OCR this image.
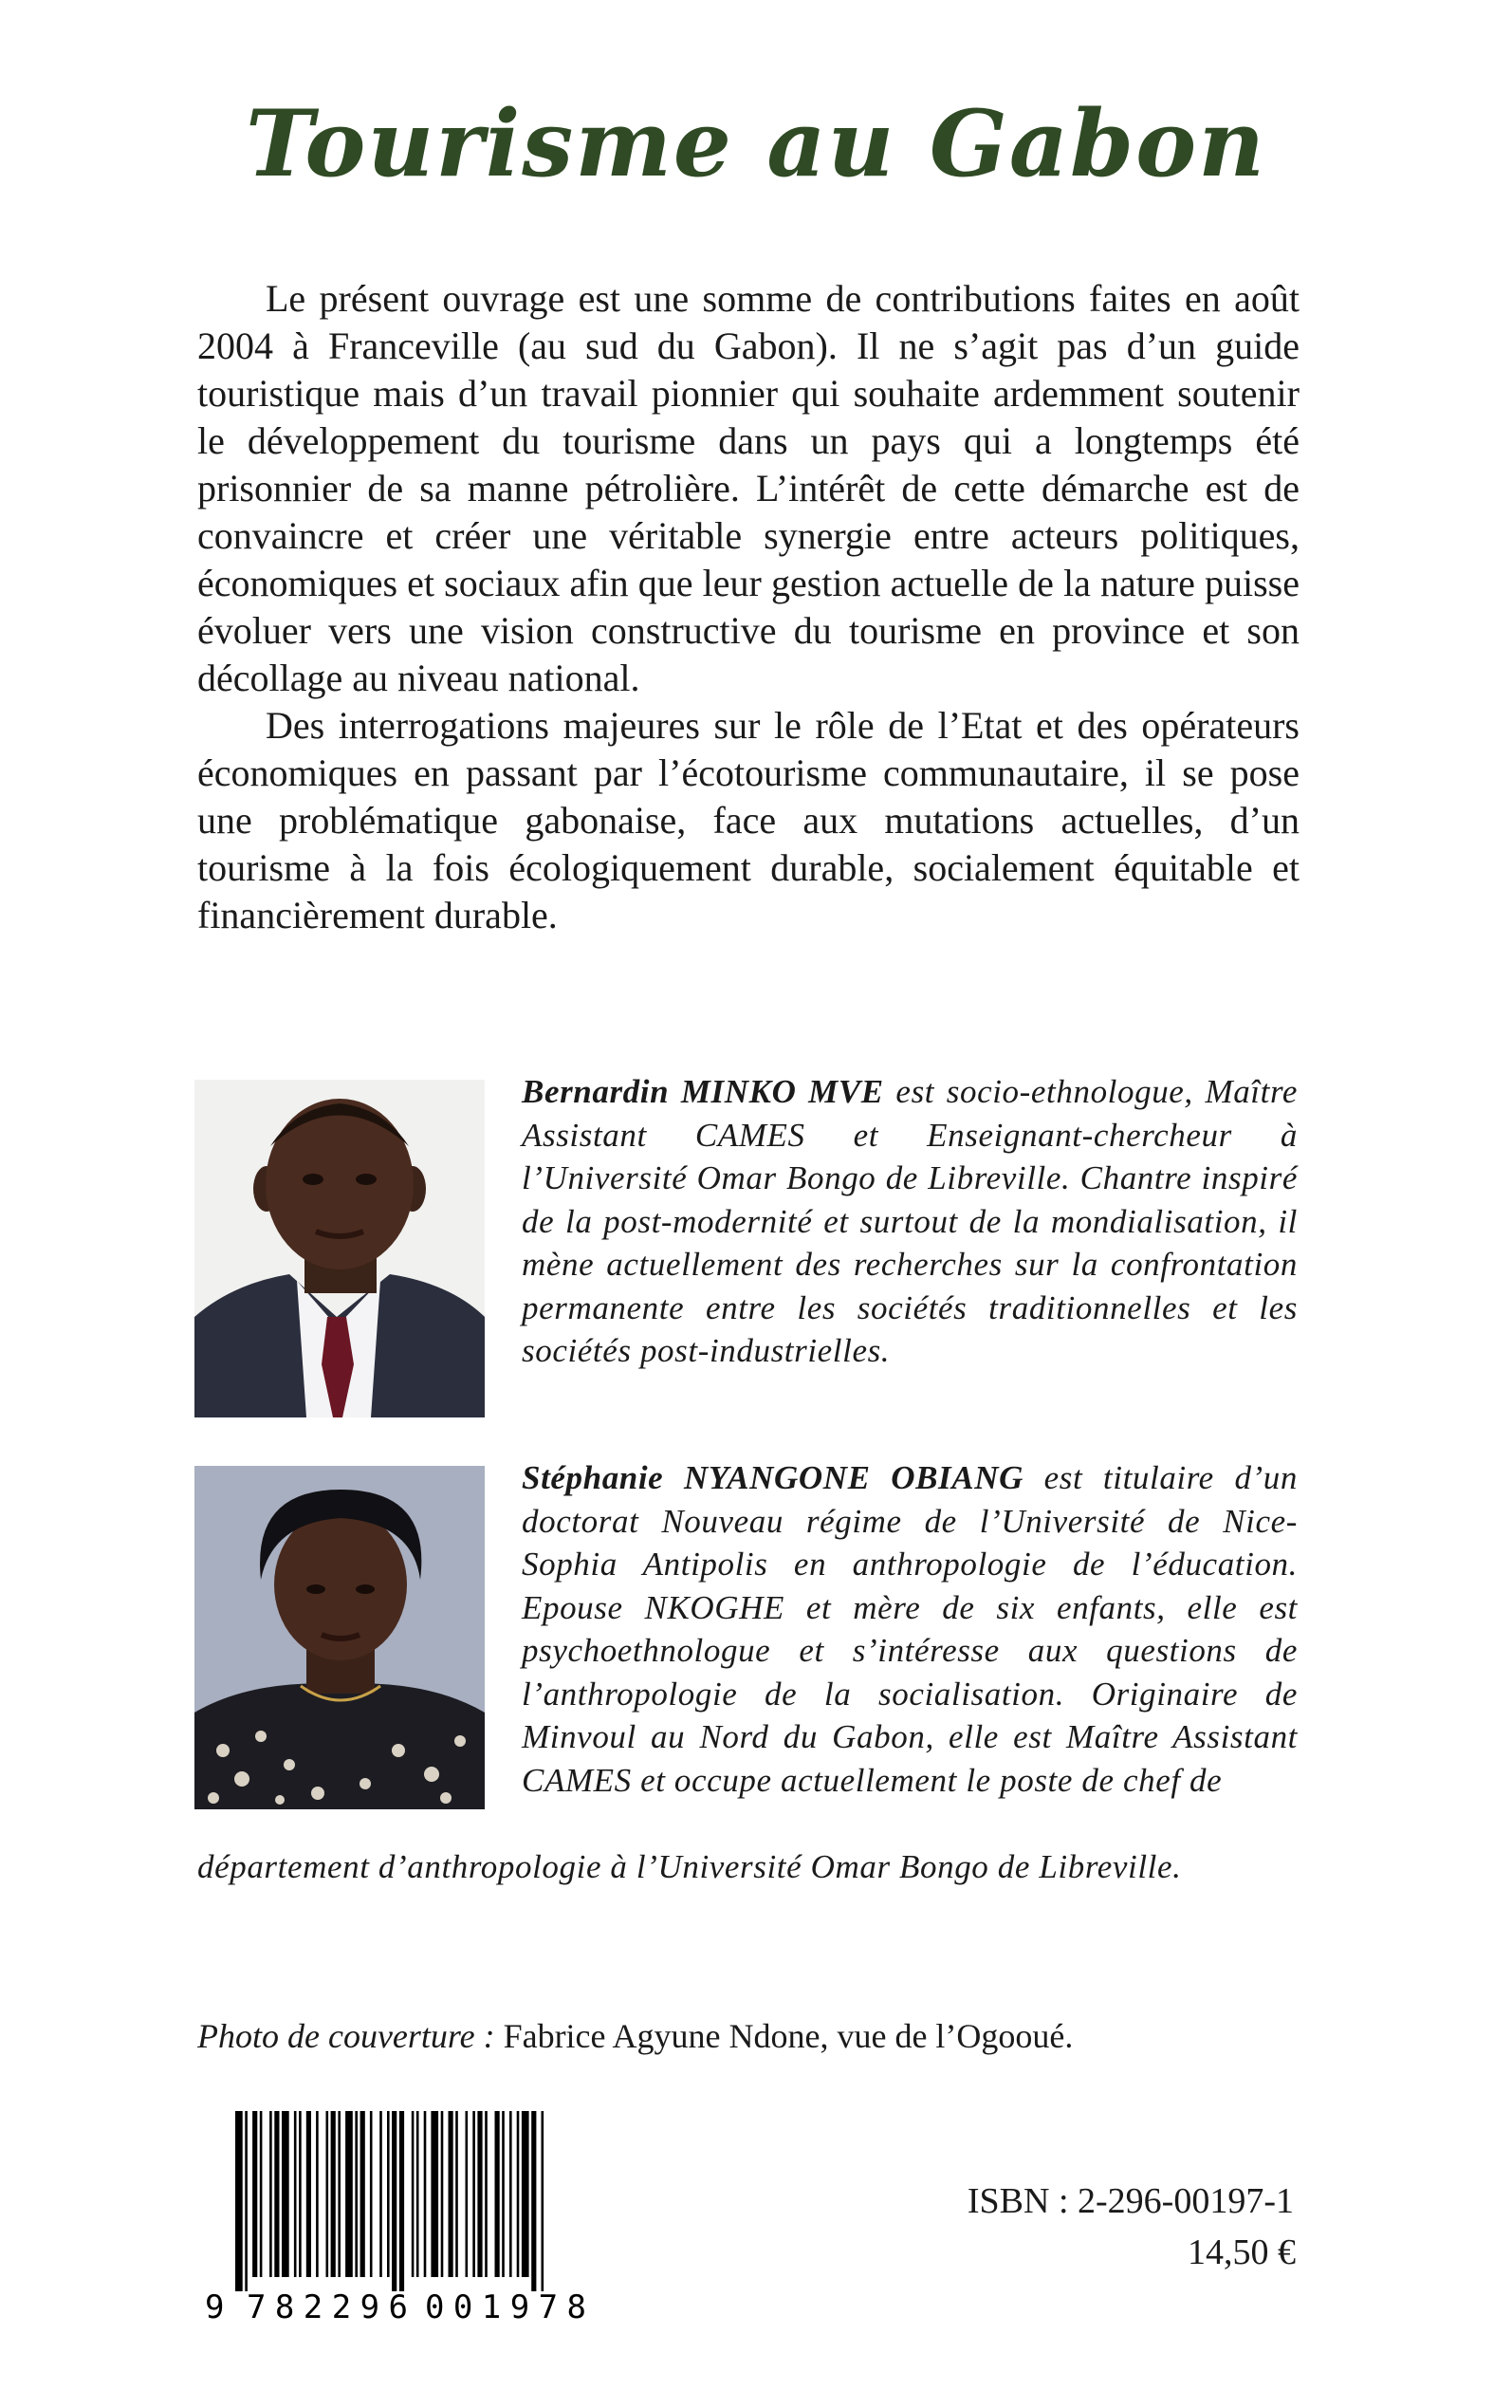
Tourisme au Gabon

Le présent ouvrage est une somme de contributions faites en août 2004 à Franceville (au sud du Gabon). Il ne s’agit pas d’un guide touristique mais d’un travail pionnier qui souhaite ardemment soutenir le développement du tourisme dans un pays qui a longtemps été prisonnier de sa manne pétrolière. L’intérêt de cette démarche est de convaincre et créer une véritable synergie entre acteurs politiques, économiques et sociaux afin que leur gestion actuelle de la nature puisse évoluer vers une vision constructive du tourisme en province et son décollage au niveau national.

Des interrogations majeures sur le rôle de l’Etat et des opérateurs économiques en passant par l’écotourisme communautaire, il se pose une problématique gabonaise, face aux mutations actuelles, d’un tourisme à la fois écologiquement durable, socialement équitable et financièrement durable.

Bernardin MINKO MVE est socio-ethnologue, Maître Assistant CAMES et Enseignant-chercheur à l’Université Omar Bongo de Libreville. Chantre inspiré de la post-modernité et surtout de la mondialisation, il mène actuellement des recherches sur la confrontation permanente entre les sociétés traditionnelles et les sociétés post-industrielles.
Stéphanie NYANGONE OBIANG est titulaire d’un doctorat Nouveau régime de l’Université de Nice-Sophia Antipolis en anthropologie de l’éducation. Epouse NKOGHE et mère de six enfants, elle est psychoethnologue et s’intéresse aux questions de l’anthropologie de la socialisation. Originaire de Minvoul au Nord du Gabon, elle est Maître Assistant CAMES et occupe actuellement le poste de chef de
département d’anthropologie à l’Université Omar Bongo de Libreville.
Photo de couverture : Fabrice Agyune Ndone, vue de l’Ogooué.
9 782296 001978
ISBN : 2-296-00197-1
14,50 €
